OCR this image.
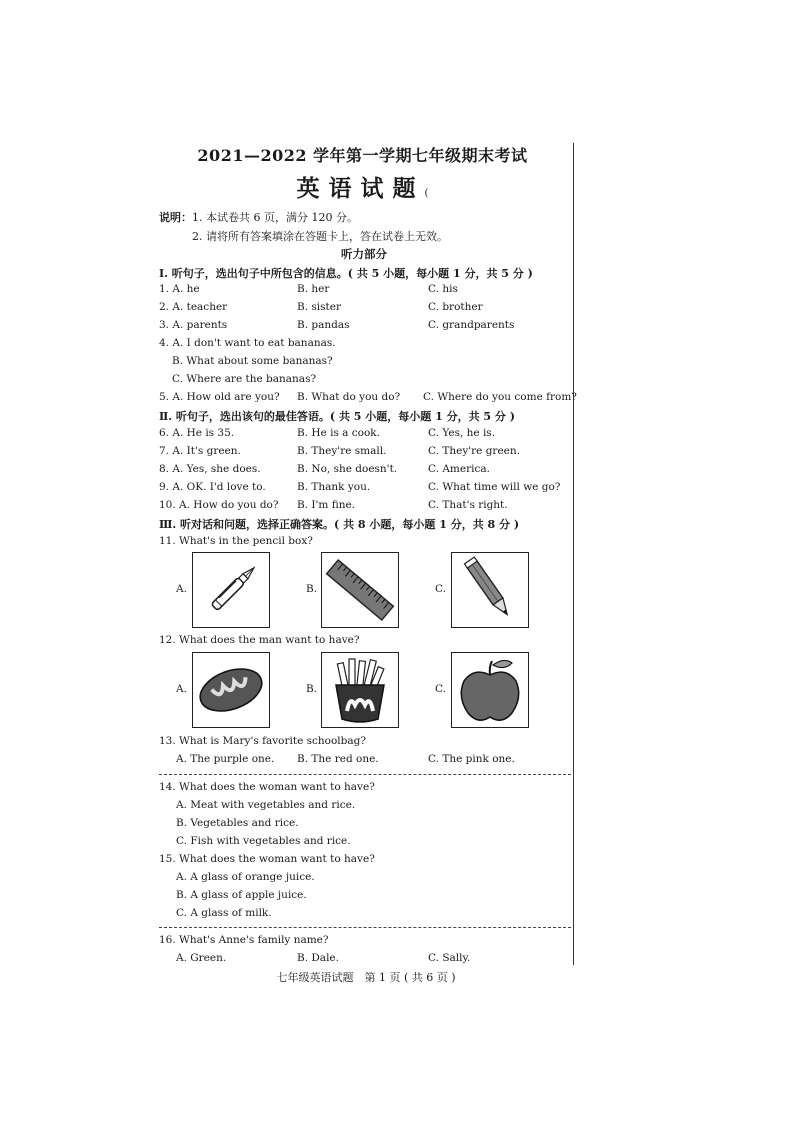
2021—2022 学年第一学期七年级期末考试
英语试题(
说明：1. 本试卷共 6 页，满分 120 分。
2. 请将所有答案填涂在答题卡上，答在试卷上无效。
听力部分
Ⅰ. 听句子，选出句子中所包含的信息。( 共 5 小题，每小题 1 分，共 5 分 )
1. A. he	B. her	C. his
2. A. teacher	B. sister	C. brother
3. A. parents	B. pandas	C. grandparents
4. A. I don't want to eat bananas.
B. What about some bananas?
C. Where are the bananas?
5. A. How old are you? B. What do you do? C. Where do you come from?
Ⅱ. 听句子，选出该句的最佳答语。( 共 5 小题，每小题 1 分，共 5 分 )
6. A. He is 35.	B. He is a cook.	C. Yes, he is.
7. A. It's green.	B. They're small.	C. They're green.
8. A. Yes, she does.	B. No, she doesn't.	C. America.
9. A. OK. I'd love to.	B. Thank you.	C. What time will we go?
10. A. How do you do? B. I'm fine.	C. That's right.
Ⅲ. 听对话和问题，选择正确答案。( 共 8 小题，每小题 1 分，共 8 分 )
11. What's in the pencil box?
A.	B.	C.
12. What does the man want to have?
A.	B.	C.
13. What is Mary's favorite schoolbag?
A. The purple one. B. The red one.	C. The pink one.
14. What does the woman want to have?
A. Meat with vegetables and rice.
B. Vegetables and rice.
C. Fish with vegetables and rice.
15. What does the woman want to have?
A. A glass of orange juice.
B. A glass of apple juice.
C. A glass of milk.
16. What's Anne's family name?
A. Green.	B. Dale.	C. Sally.
七年级英语试题　第 1 页 ( 共 6 页 )
